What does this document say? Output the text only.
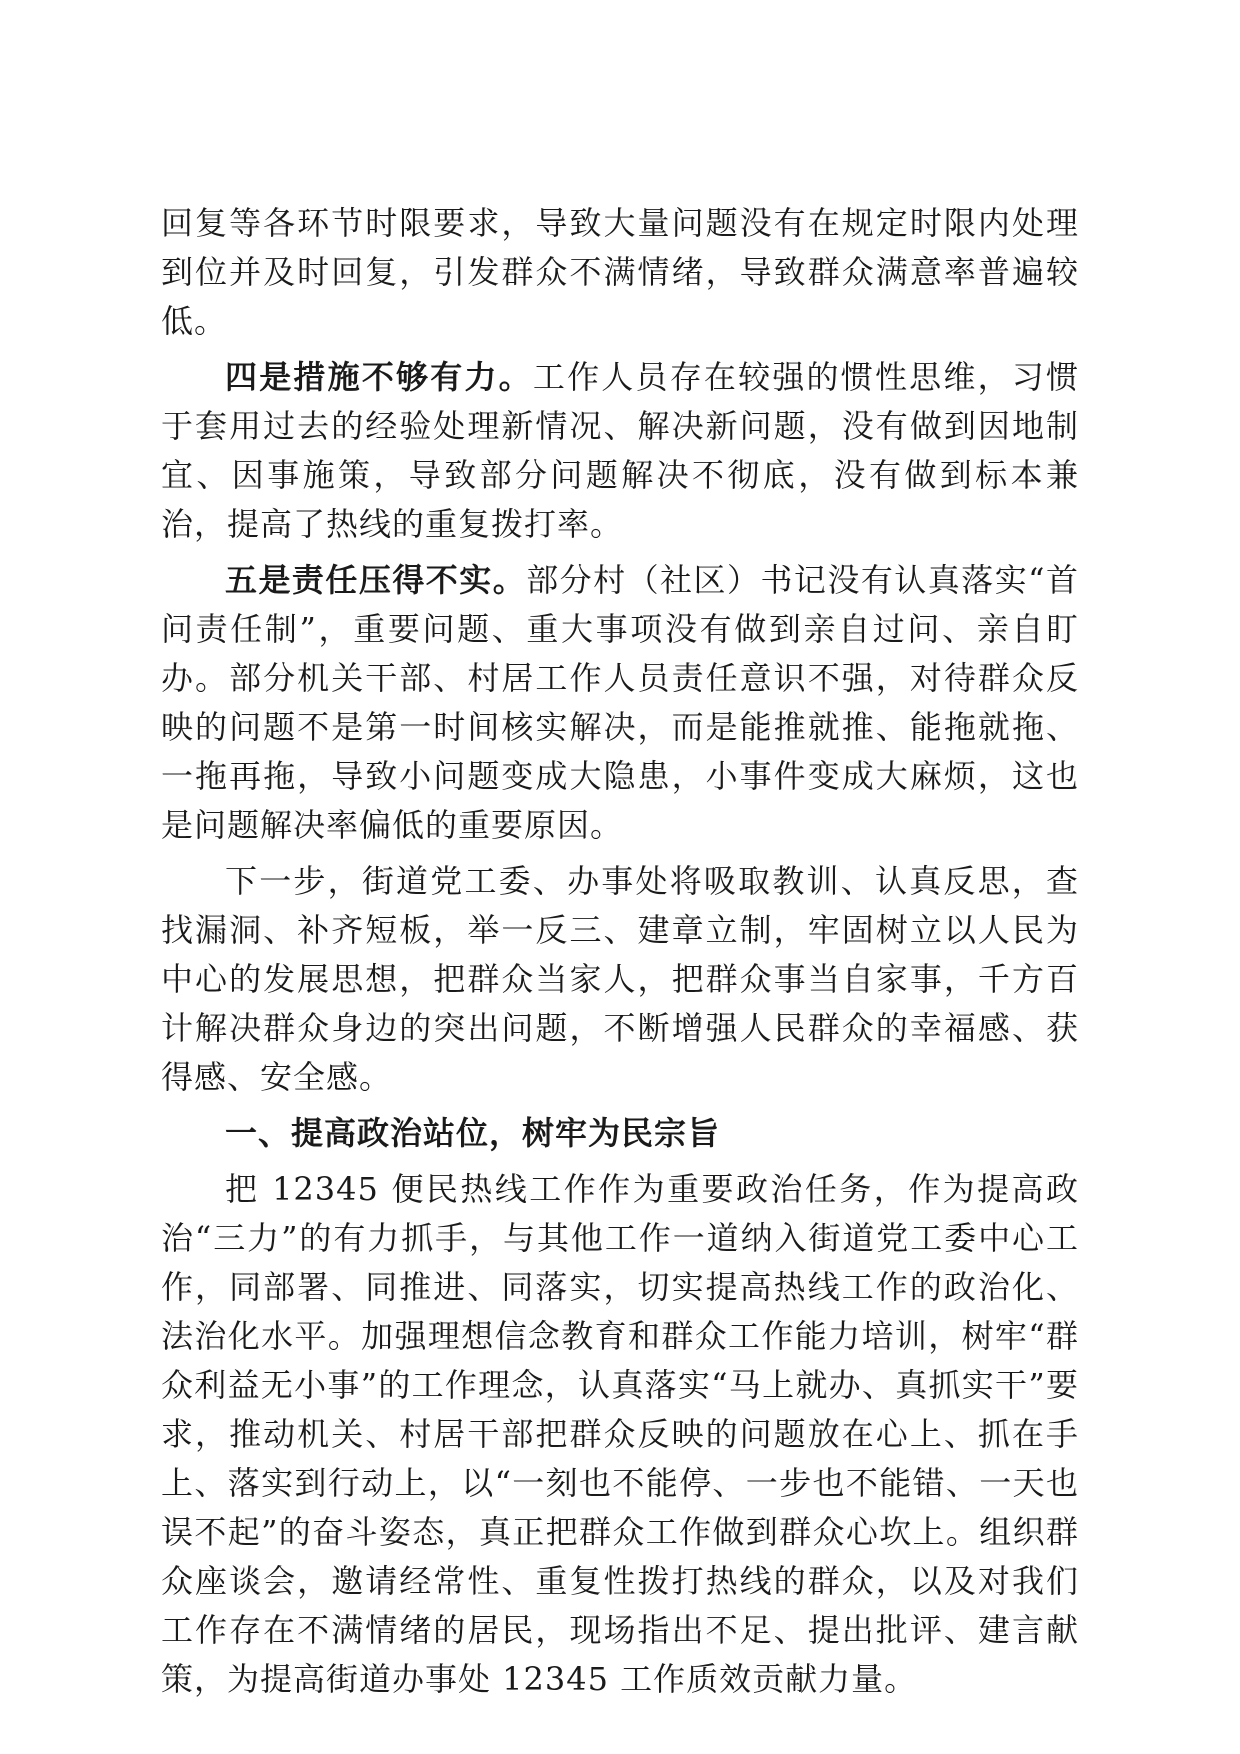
回复等各环节时限要求，导致大量问题没有在规定时限内处理到位并及时回复，引发群众不满情绪，导致群众满意率普遍较低。

四是措施不够有力。工作人员存在较强的惯性思维，习惯于套用过去的经验处理新情况、解决新问题，没有做到因地制宜、因事施策，导致部分问题解决不彻底，没有做到标本兼治，提高了热线的重复拨打率。

五是责任压得不实。部分村（社区）书记没有认真落实“首问责任制”，重要问题、重大事项没有做到亲自过问、亲自盯办。部分机关干部、村居工作人员责任意识不强，对待群众反映的问题不是第一时间核实解决，而是能推就推、能拖就拖、一拖再拖，导致小问题变成大隐患，小事件变成大麻烦，这也是问题解决率偏低的重要原因。

下一步，街道党工委、办事处将吸取教训、认真反思，查找漏洞、补齐短板，举一反三、建章立制，牢固树立以人民为中心的发展思想，把群众当家人，把群众事当自家事，千方百计解决群众身边的突出问题，不断增强人民群众的幸福感、获得感、安全感。

一、提高政治站位，树牢为民宗旨

把 12345 便民热线工作作为重要政治任务，作为提高政治“三力”的有力抓手，与其他工作一道纳入街道党工委中心工作，同部署、同推进、同落实，切实提高热线工作的政治化、法治化水平。加强理想信念教育和群众工作能力培训，树牢“群众利益无小事”的工作理念，认真落实“马上就办、真抓实干”要求，推动机关、村居干部把群众反映的问题放在心上、抓在手上、落实到行动上，以“一刻也不能停、一步也不能错、一天也误不起”的奋斗姿态，真正把群众工作做到群众心坎上。组织群众座谈会，邀请经常性、重复性拨打热线的群众，以及对我们工作存在不满情绪的居民，现场指出不足、提出批评、建言献策，为提高街道办事处 12345 工作质效贡献力量。
